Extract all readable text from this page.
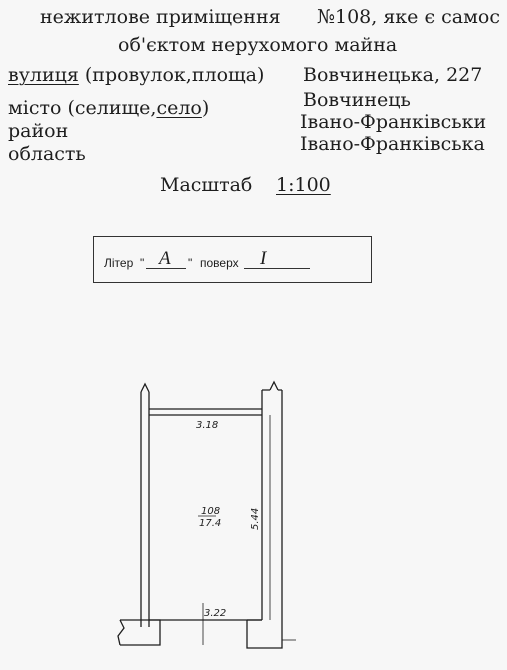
нежитлове приміщення №108, яке є самос
об'єктом нерухомого майна
вулиця (провулок,площа) Вовчинецька, 227
місто (селище,село)	Вовчинець
район	Івано-Франківськи
область	Івано-Франківська
Масштаб 1:100
Літер " A " поверх I
3.18
108
17.4	5.44
3.22
